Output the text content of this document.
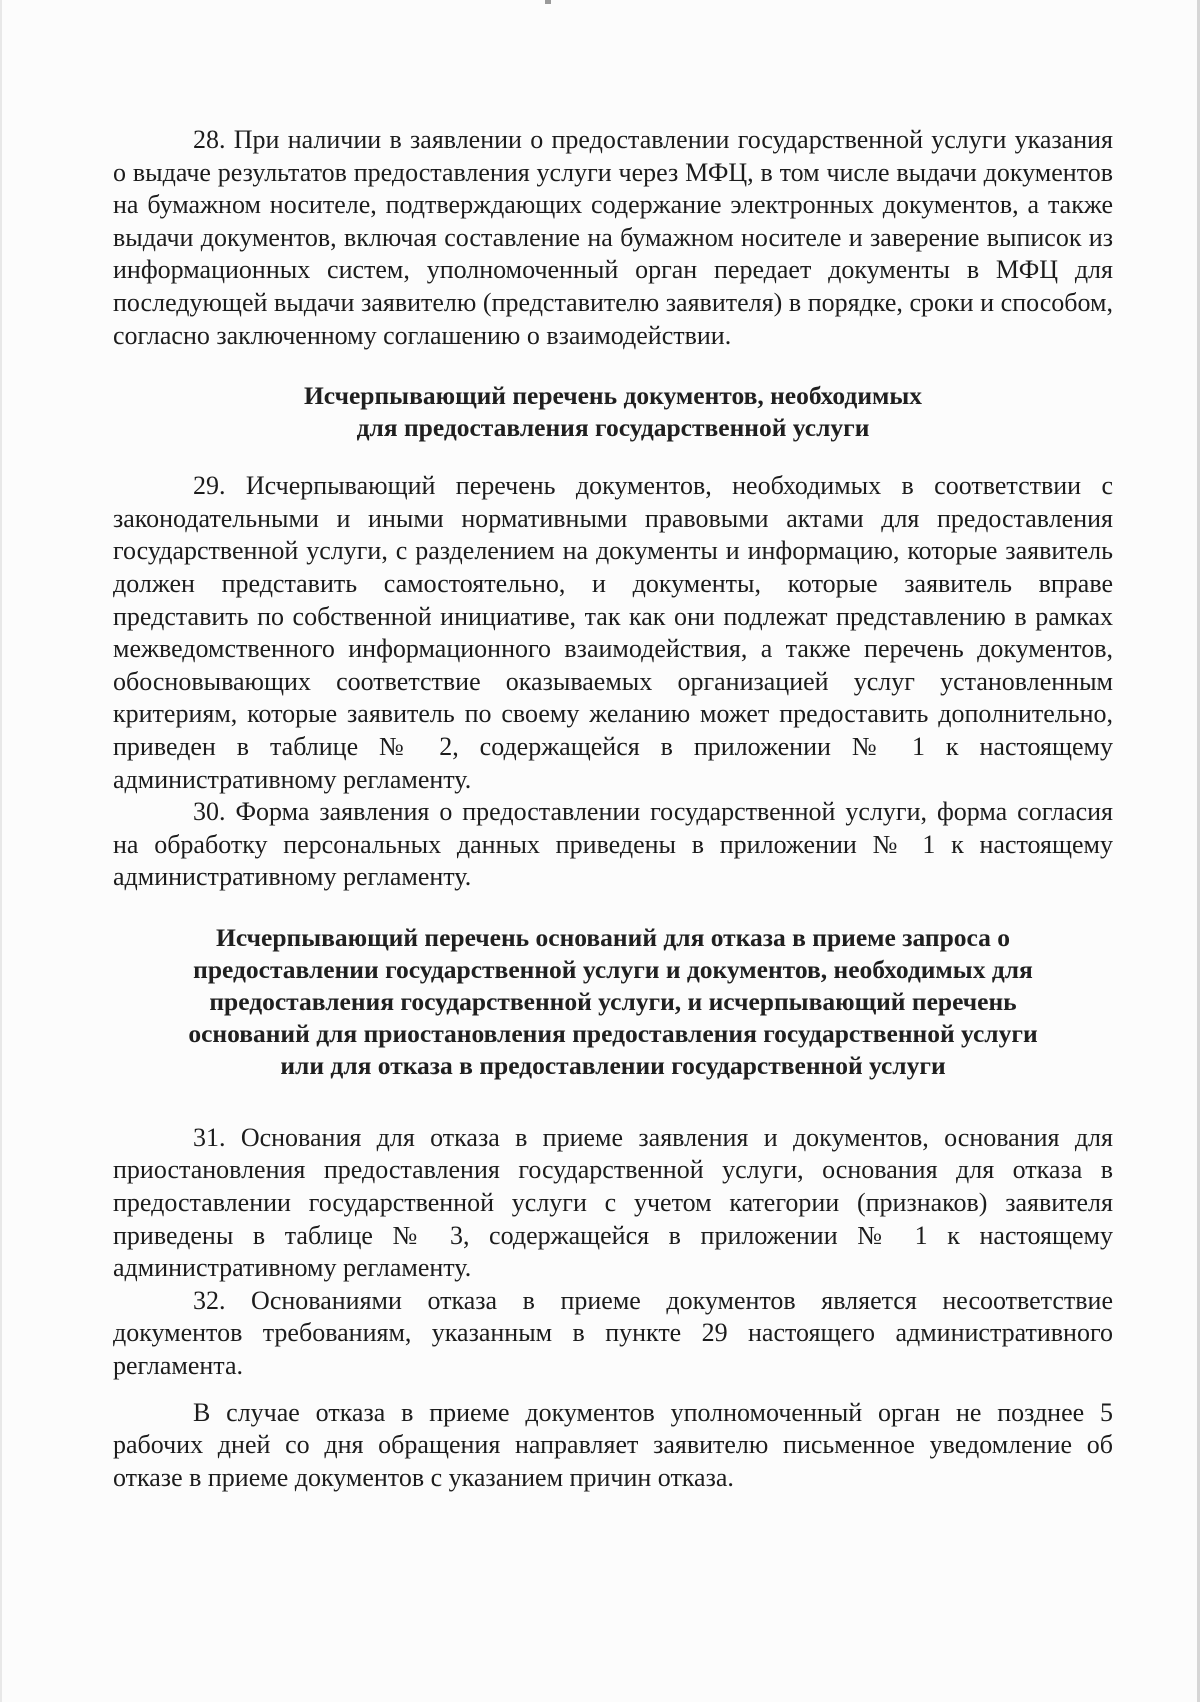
28. При наличии в заявлении о предоставлении государственной услуги указания о выдаче результатов предоставления услуги через МФЦ, в том числе выдачи документов на бумажном носителе, подтверждающих содержание электронных документов, а также выдачи документов, включая составление на бумажном носителе и заверение выписок из информационных систем, уполномоченный орган передает документы в МФЦ для последующей выдачи заявителю (представителю заявителя) в порядке, сроки и способом, согласно заключенному соглашению о взаимодействии.

Исчерпывающий перечень документов, необходимых

для предоставления государственной услуги

29. Исчерпывающий перечень документов, необходимых в соответствии с законодательными и иными нормативными правовыми актами для предоставления государственной услуги, с разделением на документы и информацию, которые заявитель должен представить самостоятельно, и документы, которые заявитель вправе представить по собственной инициативе, так как они подлежат представлению в рамках межведомственного информационного взаимодействия, а также перечень документов, обосновывающих соответствие оказываемых организацией услуг установленным критериям, которые заявитель по своему желанию может предоставить дополнительно, приведен в таблице № 2, содержащейся в приложении № 1 к настоящему административному регламенту.

30. Форма заявления о предоставлении государственной услуги, форма согласия на обработку персональных данных приведены в приложении № 1 к настоящему административному регламенту.

Исчерпывающий перечень оснований для отказа в приеме запроса о

предоставлении государственной услуги и документов, необходимых для

предоставления государственной услуги, и исчерпывающий перечень

оснований для приостановления предоставления государственной услуги

или для отказа в предоставлении государственной услуги

31. Основания для отказа в приеме заявления и документов, основания для приостановления предоставления государственной услуги, основания для отказа в предоставлении государственной услуги с учетом категории (признаков) заявителя приведены в таблице № 3, содержащейся в приложении № 1 к настоящему административному регламенту.

32. Основаниями отказа в приеме документов является несоответствие документов требованиям, указанным в пункте 29 настоящего административного регламента.

В случае отказа в приеме документов уполномоченный орган не позднее 5 рабочих дней со дня обращения направляет заявителю письменное уведомление об отказе в приеме документов с указанием причин отказа.
